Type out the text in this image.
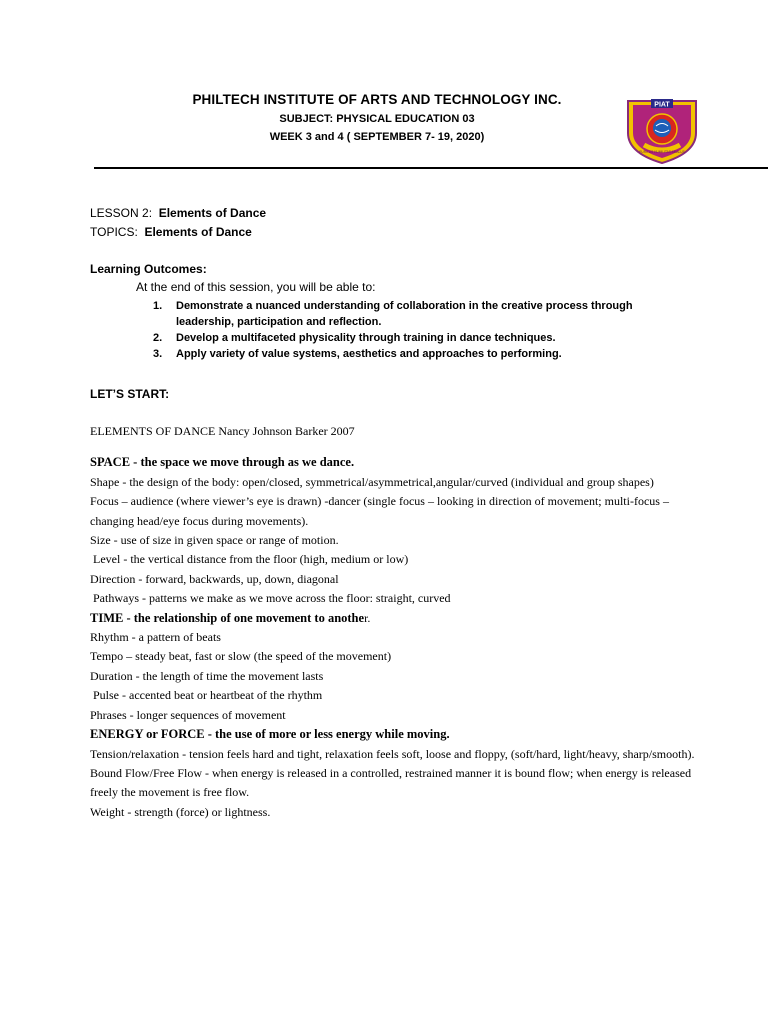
PHILTECH INSTITUTE OF ARTS AND TECHNOLOGY INC.
SUBJECT: PHYSICAL EDUCATION 03
WEEK 3 and 4 ( SEPTEMBER 7- 19, 2020)
PIAT
PURITUS HUMILITAS AMALUS
LESSON 2: Elements of Dance
TOPICS: Elements of Dance
Learning Outcomes:
At the end of this session, you will be able to:
1. Demonstrate a nuanced understanding of collaboration in the creative process through leadership, participation and reflection.
2. Develop a multifaceted physicality through training in dance techniques.
3. Apply variety of value systems, aesthetics and approaches to performing.
LET’S START:

ELEMENTS OF DANCE Nancy Johnson Barker 2007

SPACE - the space we move through as we dance.

Shape - the design of the body: open/closed, symmetrical/asymmetrical,angular/curved (individual and group shapes)

Focus – audience (where viewer’s eye is drawn) -dancer (single focus – looking in direction of movement; multi-focus – changing head/eye focus during movements).

Size - use of size in given space or range of motion.

Level - the vertical distance from the floor (high, medium or low)

Direction - forward, backwards, up, down, diagonal

Pathways - patterns we make as we move across the floor: straight, curved

TIME - the relationship of one movement to another.

Rhythm - a pattern of beats

Tempo – steady beat, fast or slow (the speed of the movement)

Duration - the length of time the movement lasts

Pulse - accented beat or heartbeat of the rhythm

Phrases - longer sequences of movement

ENERGY or FORCE - the use of more or less energy while moving.

Tension/relaxation - tension feels hard and tight, relaxation feels soft, loose and floppy, (soft/hard, light/heavy, sharp/smooth).

Bound Flow/Free Flow - when energy is released in a controlled, restrained manner it is bound flow; when energy is released freely the movement is free flow.

Weight - strength (force) or lightness.
